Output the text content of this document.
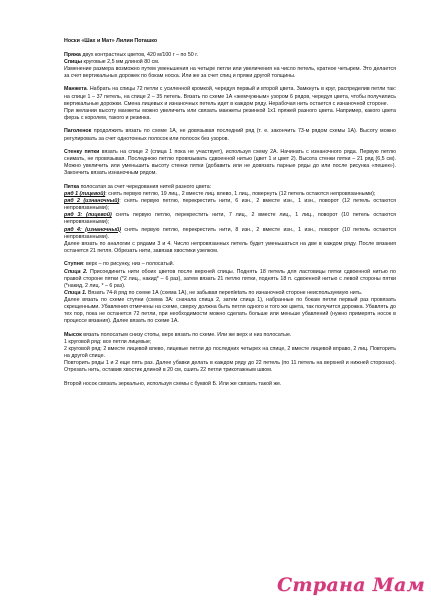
Носки «Шах и Мат» Лилии Поташко

Пряжа двух контрастных цветов, 420 м/100 г – по 50 г.

Спицы круговые 2,5 мм длиной 80 см.

Изменение размера возможно путем уменьшения на четыре петли или увеличения на число петель, кратное четырем. Это делается за счет вертикальных дорожек по бокам носка. Или же за счет спиц и пряжи другой толщины.

Манжета. Набрать на спицы 72 петли с усиленной кромкой, чередуя первый и второй цвета. Замкнуть в круг, распределив петли так: на спице 1 – 37 петель, на спице 2 – 35 петель. Вязать по схеме 1А «жемчужным» узором 6 рядов, чередуя цвета, чтобы получились вертикальные дорожки. Смена лицевых и изнаночных петель идет в каждом ряду. Нерабочая нить остается с изнаночной стороне.

При желании высоту манжеты можно увеличить или связать манжеты резинкой 1х1 пряжей разного цвета. Например, какого цвета ферзь с королем, такого и резинка.

Паголенок продолжить вязать по схеме 1А, не довязывая последний ряд (т. е. закончить 73-м рядом схемы 1А). Высоту можно регулировать за счет однотонных полосок или полосок без узоров.

Стенку пятки вязать на спице 2 (спица 1 пока не участвует), используя схему 2А. Начинать с изнаночного ряда. Первую петлю снимать, не провязывая. Последнюю петлю провязывать сдвоенной нитью (цвет 1 и цвет 2). Высота стенки пятки – 21 ряд (6,5 см). Можно увеличить или уменьшить высоту стенки пятки (добавить или не довязать парные ряды до или после рисунка «пешек»). Закончить вязать изнаночным рядом.

Пятка полосатая за счет чередования нитей разного цвета:

ряд 1 (лицевой): снять первую петлю, 19 лиц., 2 вместе лиц. влево, 1 лиц., повернуть (12 петель остаются непровязанными);

ряд 2 (изнаночный): снять первую петлю, перекрестить нити, 6 изн., 2 вместе изн., 1 изн., поворот (12 петель остаются непровязанными);

ряд 3: (лицевой) снять первую петлю, перекрестить нити, 7 лиц., 2 вместе лиц., 1 лиц., поворот (10 петель остаются непровязанными);

ряд 4: (изнаночный) снять первую петлю, перекрестить нити, 8 изн., 2 вместе изн., 1 изн., поворот (10 петель остаются непровязанными).

Далее вязать по аналогии с рядами 3 и 4. Число непровязанных петель будет уменьшаться на две в каждом ряду. После вязания останется 21 петля. Обрезать нити, завязав хвостики узелком.

Ступня: верх – по рисунку, низ – полосатый.

Спица 2. Присоединить нити обоих цветов после верхней спицы. Поднять 18 петель для ластовицы пятки сдвоенной нитью по правой стороне пятки (*2 лиц., накид* – 6 раз), затем вязать 21 петлю пятки, поднять 18 п. сдвоенной нитью с левой стороны пятки (*накид, 2 лиц. * – 6 раз).

Спица 1. Вязать 74-й ряд по схеме 1А (схема 1А), не забывая перепletать по изнаночной стороне неиспользуемую нить.

Далее вязать по схеме ступни (схема 3А: сначала спица 2, затем спица 1), набранные по бокам петли первый раз провязать скрещенными. Убавления отмечены на схеме, сверху должна быть петля одного и того же цвета, так получится дорожка. Убавлять до тех пор, пока не останется 72 петли, при необходимости можно сделать больше или меньше убавлений (нужно примерять носок в процессе вязания). Далее вязать по схеме 1А.

Мысок вязать полосатым снизу стопы, верх вязать по схеме. Или же верх и низ полосатые.

1 круговой ряд: все петли лицевые;

2 круговой ряд: 2 вместе лицевой влево, лицевые петли до последних четырех на спице, 2 вместе лицевой вправо, 2 лиц. Повторить на другой спице.

Повторить ряды 1 и 2 еще пять раз. Далее убавки делать в каждом ряду до 22 петель (по 11 петель на верхней и нижней сторонах). Отрезать нить, оставив хвостик длиной в 20 см, сшить 22 петли трикотажным швом.

Второй носок связать зеркально, используя схемы с буквой Б. Или же связать такой же.

Страна Мам
